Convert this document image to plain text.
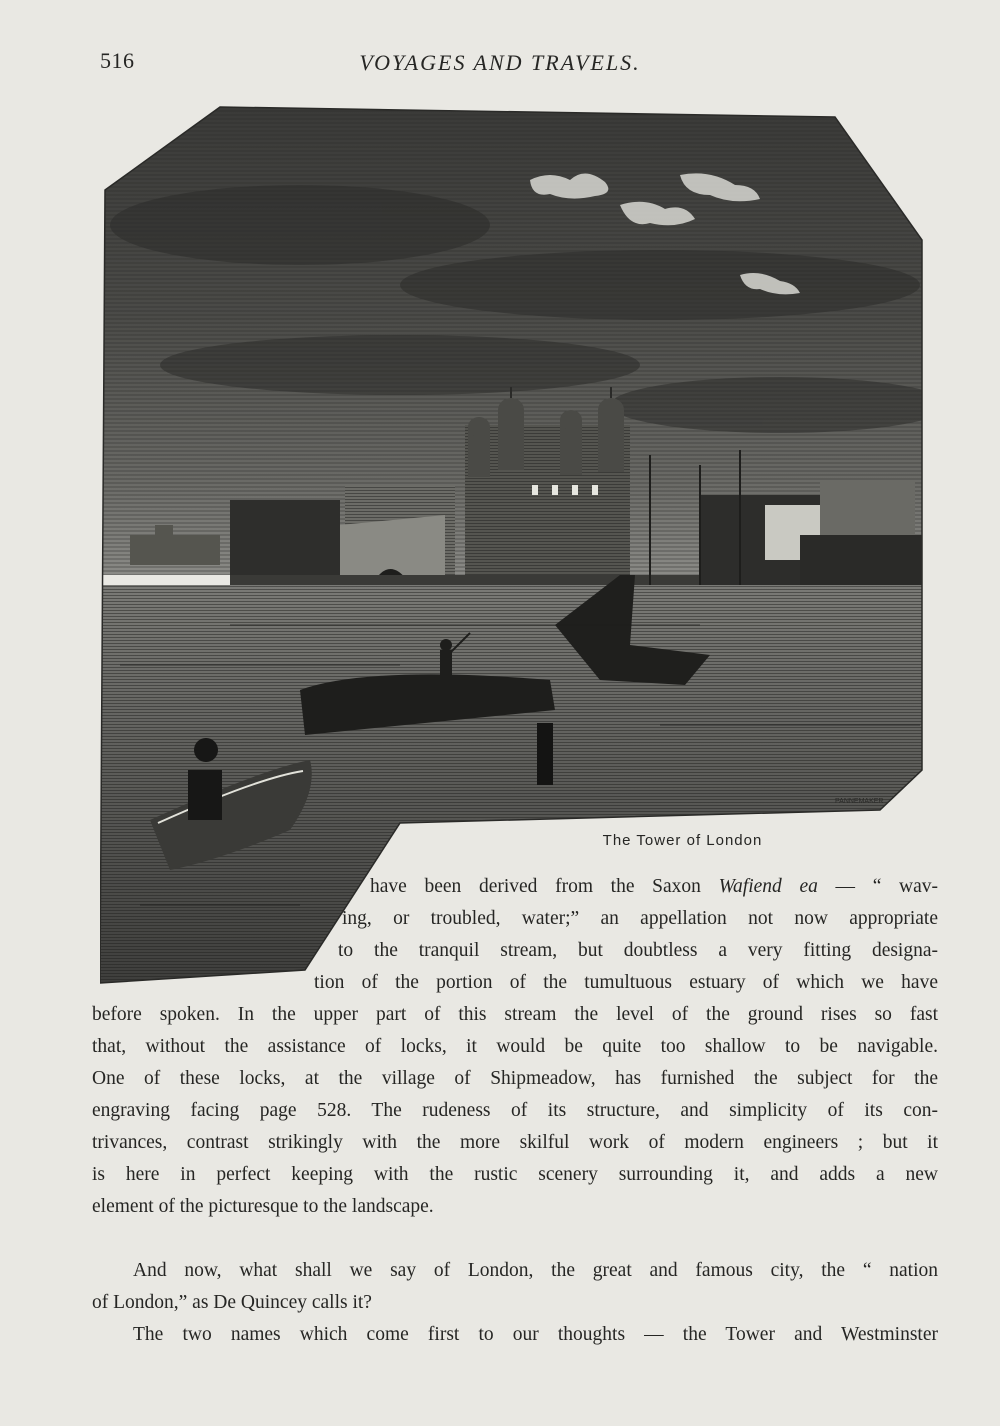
516	VOYAGES AND TRAVELS.
PANNEMAKER
The Tower of London
have been derived from the Saxon Wafiend ea — “ wav-
ing, or troubled, water;” an appellation not now appropriate
to the tranquil stream, but doubtless a very fitting designa-
tion of the portion of the tumultuous estuary of which we have
before spoken. In the upper part of this stream the level of the ground rises so fast
that, without the assistance of locks, it would be quite too shallow to be navigable.
One of these locks, at the village of Shipmeadow, has furnished the subject for the
engraving facing page 528. The rudeness of its structure, and simplicity of its con-
trivances, contrast strikingly with the more skilful work of modern engineers ; but it
is here in perfect keeping with the rustic scenery surrounding it, and adds a new
element of the picturesque to the landscape.
And now, what shall we say of London, the great and famous city, the “ nation
of London,” as De Quincey calls it?
The two names which come first to our thoughts — the Tower and Westminster
